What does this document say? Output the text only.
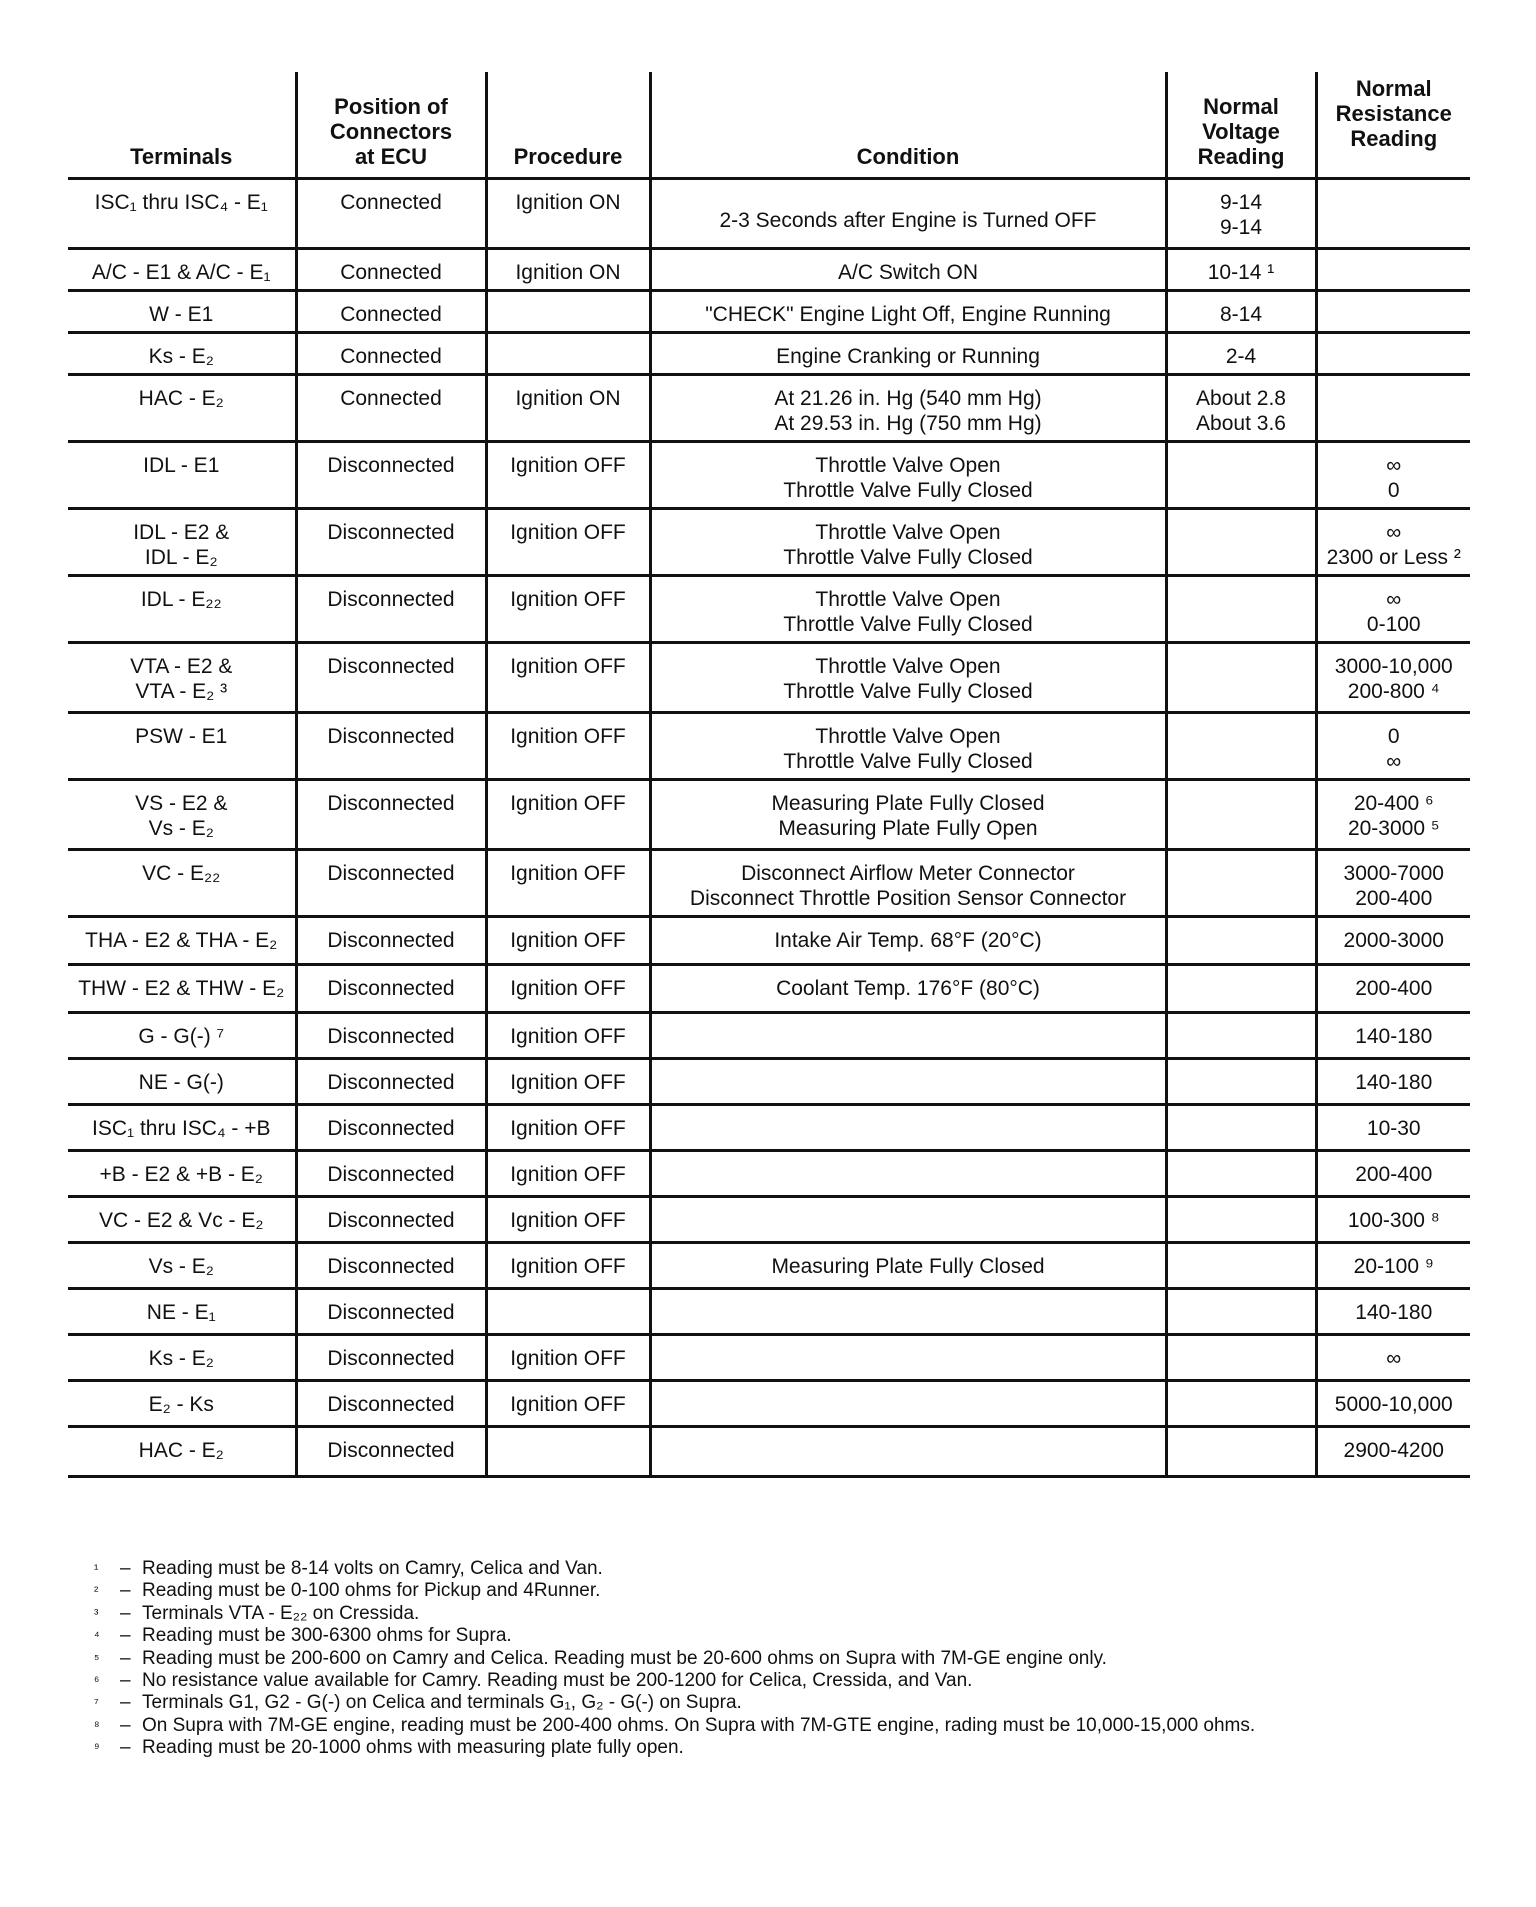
Terminals	Position of
Connectors
at ECU	Procedure	Condition	Normal
Voltage
Reading	Normal
Resistance
Reading

ISC₁ thru ISC₄ - E₁	Connected	Ignition ON	2-3 Seconds after Engine is Turned OFF	9-14
9-14	

A/C - E1 & A/C - E₁	Connected	Ignition ON	A/C Switch ON	10-14 ¹	

W - E1	Connected		"CHECK" Engine Light Off, Engine Running	8-14	

Ks - E₂	Connected		Engine Cranking or Running	2-4	

HAC - E₂	Connected	Ignition ON	At 21.26 in. Hg (540 mm Hg)
At 29.53 in. Hg (750 mm Hg)	About 2.8
About 3.6	

IDL - E1	Disconnected	Ignition OFF	Throttle Valve Open
Throttle Valve Fully Closed		∞
0

IDL - E2 &
IDL - E₂	Disconnected	Ignition OFF	Throttle Valve Open
Throttle Valve Fully Closed		∞
2300 or Less ²

IDL - E₂₂	Disconnected	Ignition OFF	Throttle Valve Open
Throttle Valve Fully Closed		∞
0-100

VTA - E2 &
VTA - E₂ ³	Disconnected	Ignition OFF	Throttle Valve Open
Throttle Valve Fully Closed		3000-10,000
200-800 ⁴

PSW - E1	Disconnected	Ignition OFF	Throttle Valve Open
Throttle Valve Fully Closed		0
∞

VS - E2 &
Vs - E₂	Disconnected	Ignition OFF	Measuring Plate Fully Closed
Measuring Plate Fully Open		20-400 ⁶
20-3000 ⁵

VC - E₂₂	Disconnected	Ignition OFF	Disconnect Airflow Meter Connector
Disconnect Throttle Position Sensor Connector		3000-7000
200-400

THA - E2 & THA - E₂	Disconnected	Ignition OFF	Intake Air Temp. 68°F (20°C)		2000-3000

THW - E2 & THW - E₂	Disconnected	Ignition OFF	Coolant Temp. 176°F (80°C)		200-400

G - G(-) ⁷	Disconnected	Ignition OFF			140-180

NE - G(-)	Disconnected	Ignition OFF			140-180

ISC₁ thru ISC₄ - +B	Disconnected	Ignition OFF			10-30

+B - E2 & +B - E₂	Disconnected	Ignition OFF			200-400

VC - E2 & Vc - E₂	Disconnected	Ignition OFF			100-300 ⁸

Vs - E₂	Disconnected	Ignition OFF	Measuring Plate Fully Closed		20-100 ⁹

NE - E₁	Disconnected				140-180

Ks - E₂	Disconnected	Ignition OFF			∞

E₂ - Ks	Disconnected	Ignition OFF			5000-10,000

HAC - E₂	Disconnected				2900-4200
¹ – Reading must be 8-14 volts on Camry, Celica and Van.
² – Reading must be 0-100 ohms for Pickup and 4Runner.
³ – Terminals VTA - E₂₂ on Cressida.
⁴ – Reading must be 300-6300 ohms for Supra.
⁵ – Reading must be 200-600 on Camry and Celica. Reading must be 20-600 ohms on Supra with 7M-GE engine only.
⁶ – No resistance value available for Camry. Reading must be 200-1200 for Celica, Cressida, and Van.
⁷ – Terminals G1, G2 - G(-) on Celica and terminals G₁, G₂ - G(-) on Supra.
⁸ – On Supra with 7M-GE engine, reading must be 200-400 ohms. On Supra with 7M-GTE engine, rading must be 10,000-15,000 ohms.
⁹ – Reading must be 20-1000 ohms with measuring plate fully open.
